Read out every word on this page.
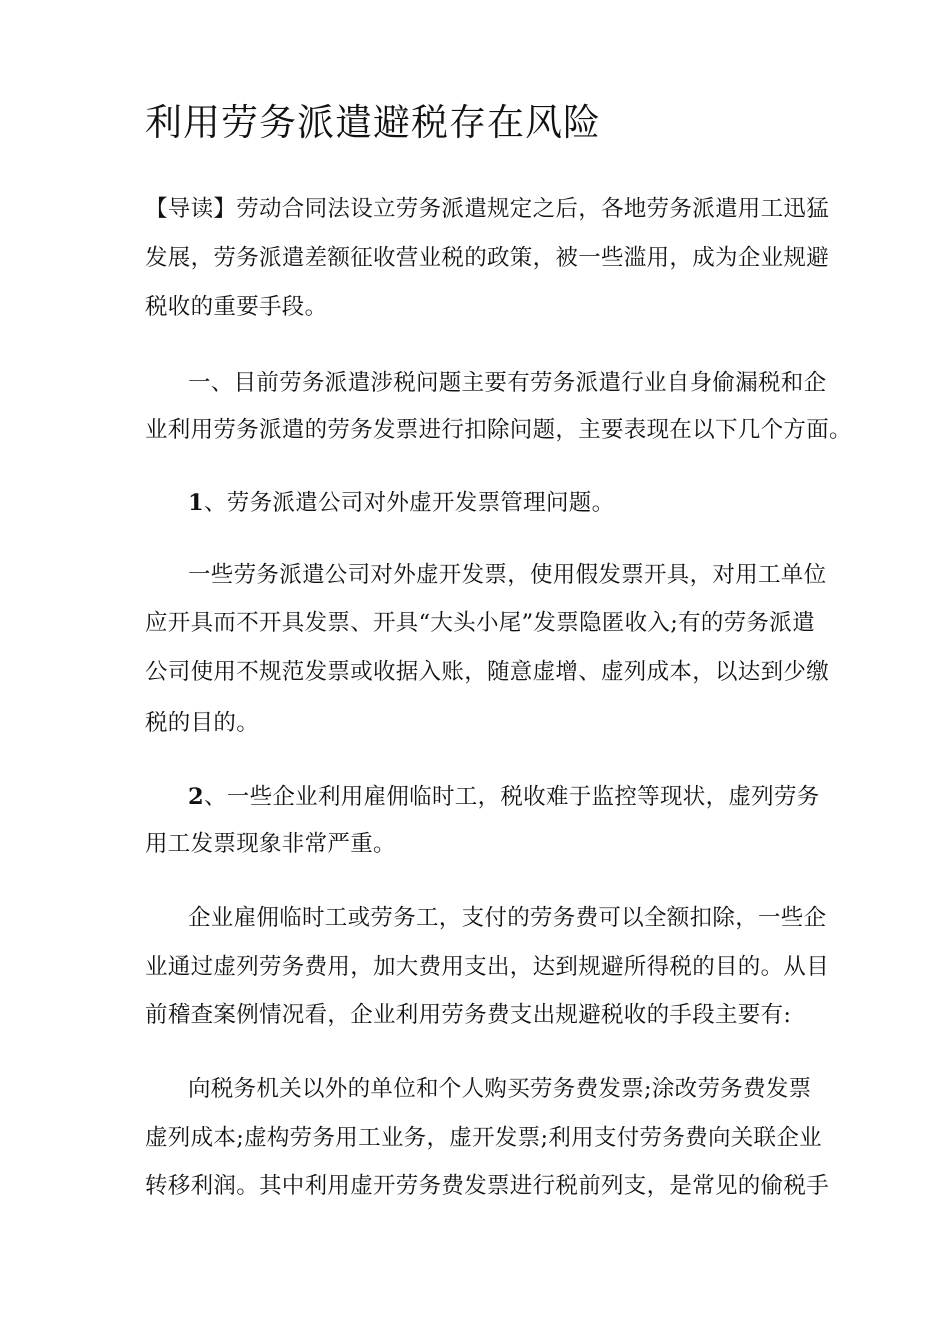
利用劳务派遣避税存在风险
【导读】劳动合同法设立劳务派遣规定之后，各地劳务派遣用工迅猛
发展，劳务派遣差额征收营业税的政策，被一些滥用，成为企业规避
税收的重要手段。
一、目前劳务派遣涉税问题主要有劳务派遣行业自身偷漏税和企
业利用劳务派遣的劳务发票进行扣除问题，主要表现在以下几个方面。
1、劳务派遣公司对外虚开发票管理问题。
一些劳务派遣公司对外虚开发票，使用假发票开具，对用工单位
应开具而不开具发票、开具“大头小尾”发票隐匿收入;有的劳务派遣
公司使用不规范发票或收据入账，随意虚增、虚列成本，以达到少缴
税的目的。
2、一些企业利用雇佣临时工，税收难于监控等现状，虚列劳务
用工发票现象非常严重。
企业雇佣临时工或劳务工，支付的劳务费可以全额扣除，一些企
业通过虚列劳务费用，加大费用支出，达到规避所得税的目的。从目
前稽查案例情况看，企业利用劳务费支出规避税收的手段主要有:
向税务机关以外的单位和个人购买劳务费发票;涂改劳务费发票
虚列成本;虚构劳务用工业务，虚开发票;利用支付劳务费向关联企业
转移利润。其中利用虚开劳务费发票进行税前列支，是常见的偷税手
